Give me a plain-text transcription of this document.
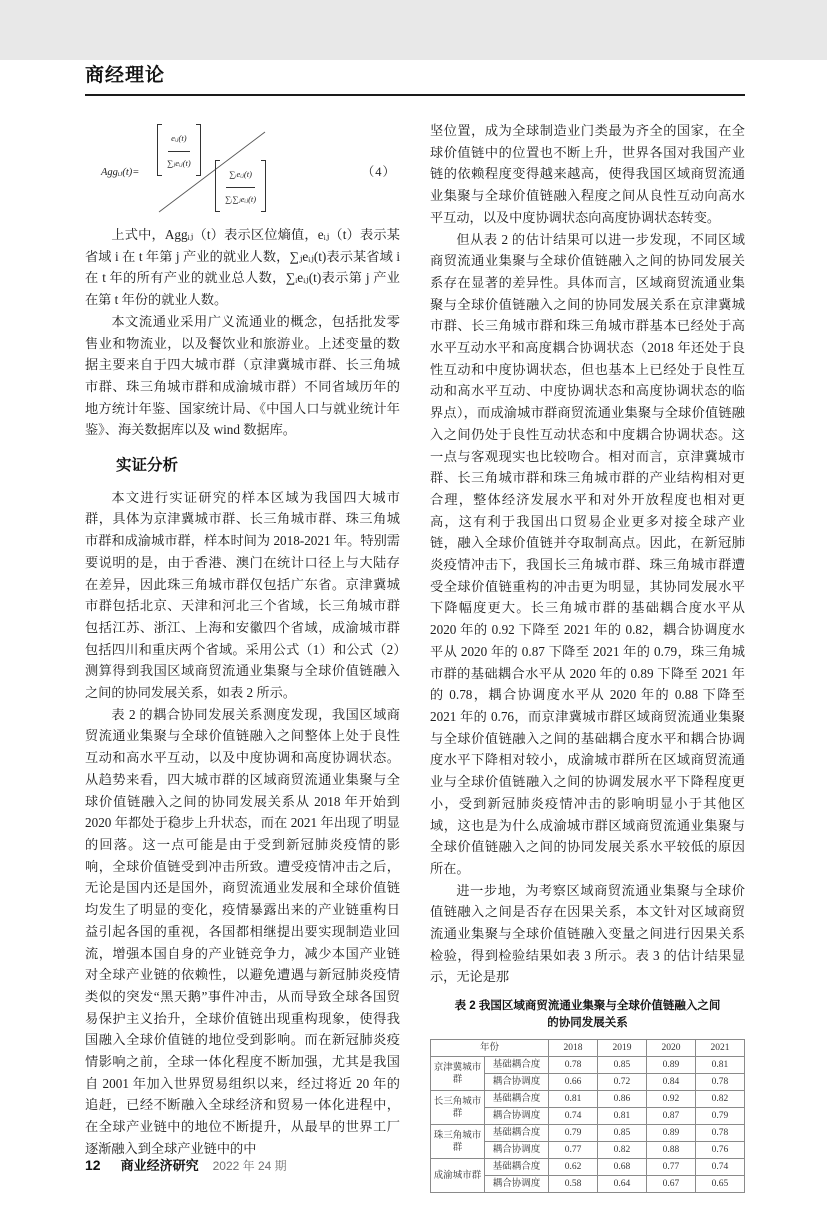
商经理论
Aggᵢⱼ(t)=	$\frac{\text{eᵢⱼ(t)}}{\text{∑ⱼeᵢⱼ(t)}}$
$\frac{\text{∑ᵢeᵢⱼ(t)}}{\text{∑ᵢ∑ⱼeᵢⱼ(t)}}$	（4）

上式中，Aggᵢⱼ（t）表示区位熵值，eᵢⱼ（t）表示某省域 i 在 t 年第 j 产业的就业人数，∑ⱼeᵢⱼ(t)表示某省域 i 在 t 年的所有产业的就业总人数，∑ᵢeᵢⱼ(t)表示第 j 产业在第 t 年份的就业人数。

本文流通业采用广义流通业的概念，包括批发零售业和物流业，以及餐饮业和旅游业。上述变量的数据主要来自于四大城市群（京津冀城市群、长三角城市群、珠三角城市群和成渝城市群）不同省域历年的地方统计年鉴、国家统计局、《中国人口与就业统计年鉴》、海关数据库以及 wind 数据库。

实证分析

本文进行实证研究的样本区域为我国四大城市群，具体为京津冀城市群、长三角城市群、珠三角城市群和成渝城市群，样本时间为 2018-2021 年。特别需要说明的是，由于香港、澳门在统计口径上与大陆存在差异，因此珠三角城市群仅包括广东省。京津冀城市群包括北京、天津和河北三个省域，长三角城市群包括江苏、浙江、上海和安徽四个省域，成渝城市群包括四川和重庆两个省域。采用公式（1）和公式（2）测算得到我国区域商贸流通业集聚与全球价值链融入之间的协同发展关系，如表 2 所示。

表 2 的耦合协同发展关系测度发现，我国区域商贸流通业集聚与全球价值链融入之间整体上处于良性互动和高水平互动，以及中度协调和高度协调状态。从趋势来看，四大城市群的区域商贸流通业集聚与全球价值链融入之间的协同发展关系从 2018 年开始到 2020 年都处于稳步上升状态，而在 2021 年出现了明显的回落。这一点可能是由于受到新冠肺炎疫情的影响，全球价值链受到冲击所致。遭受疫情冲击之后，无论是国内还是国外，商贸流通业发展和全球价值链均发生了明显的变化，疫情暴露出来的产业链重构日益引起各国的重视，各国都相继提出要实现制造业回流，增强本国自身的产业链竞争力，减少本国产业链对全球产业链的依赖性，以避免遭遇与新冠肺炎疫情类似的突发“黑天鹅”事件冲击，从而导致全球各国贸易保护主义抬升，全球价值链出现重构现象，使得我国融入全球价值链的地位受到影响。而在新冠肺炎疫情影响之前，全球一体化程度不断加强，尤其是我国自 2001 年加入世界贸易组织以来，经过将近 20 年的追赶，已经不断融入全球经济和贸易一体化进程中，在全球产业链中的地位不断提升，从最早的世界工厂逐渐融入到全球产业链中的中

坚位置，成为全球制造业门类最为齐全的国家，在全球价值链中的位置也不断上升，世界各国对我国产业链的依赖程度变得越来越高，使得我国区域商贸流通业集聚与全球价值链融入程度之间从良性互动向高水平互动，以及中度协调状态向高度协调状态转变。

但从表 2 的估计结果可以进一步发现，不同区域商贸流通业集聚与全球价值链融入之间的协同发展关系存在显著的差异性。具体而言，区域商贸流通业集聚与全球价值链融入之间的协同发展关系在京津冀城市群、长三角城市群和珠三角城市群基本已经处于高水平互动水平和高度耦合协调状态（2018 年还处于良性互动和中度协调状态，但也基本上已经处于良性互动和高水平互动、中度协调状态和高度协调状态的临界点），而成渝城市群商贸流通业集聚与全球价值链融入之间仍处于良性互动状态和中度耦合协调状态。这一点与客观现实也比较吻合。相对而言，京津冀城市群、长三角城市群和珠三角城市群的产业结构相对更合理，整体经济发展水平和对外开放程度也相对更高，这有利于我国出口贸易企业更多对接全球产业链，融入全球价值链并夺取制高点。因此，在新冠肺炎疫情冲击下，我国长三角城市群、珠三角城市群遭受全球价值链重构的冲击更为明显，其协同发展水平下降幅度更大。长三角城市群的基础耦合度水平从 2020 年的 0.92 下降至 2021 年的 0.82，耦合协调度水平从 2020 年的 0.87 下降至 2021 年的 0.79，珠三角城市群的基础耦合水平从 2020 年的 0.89 下降至 2021 年的 0.78，耦合协调度水平从 2020 年的 0.88 下降至 2021 年的 0.76，而京津冀城市群区域商贸流通业集聚与全球价值链融入之间的基础耦合度水平和耦合协调度水平下降相对较小，成渝城市群所在区域商贸流通业与全球价值链融入之间的协调发展水平下降程度更小，受到新冠肺炎疫情冲击的影响明显小于其他区域，这也是为什么成渝城市群区域商贸流通业集聚与全球价值链融入之间的协同发展关系水平较低的原因所在。

进一步地，为考察区域商贸流通业集聚与全球价值链融入之间是否存在因果关系，本文针对区域商贸流通业集聚与全球价值链融入变量之间进行因果关系检验，得到检验结果如表 3 所示。表 3 的估计结果显示，无论是那

表 2 我国区域商贸流通业集聚与全球价值链融入之间
的协同发展关系
年份		2018	2019	2020	2021
京津冀城市群	基础耦合度	0.78	0.85	0.89	0.81
	耦合协调度	0.66	0.72	0.84	0.78
长三角城市群	基础耦合度	0.81	0.86	0.92	0.82
	耦合协调度	0.74	0.81	0.87	0.79
珠三角城市群	基础耦合度	0.79	0.85	0.89	0.78
	耦合协调度	0.77	0.82	0.88	0.76
成渝城市群	基础耦合度	0.62	0.68	0.77	0.74
	耦合协调度	0.58	0.64	0.67	0.65
12 商业经济研究 2022 年 24 期
